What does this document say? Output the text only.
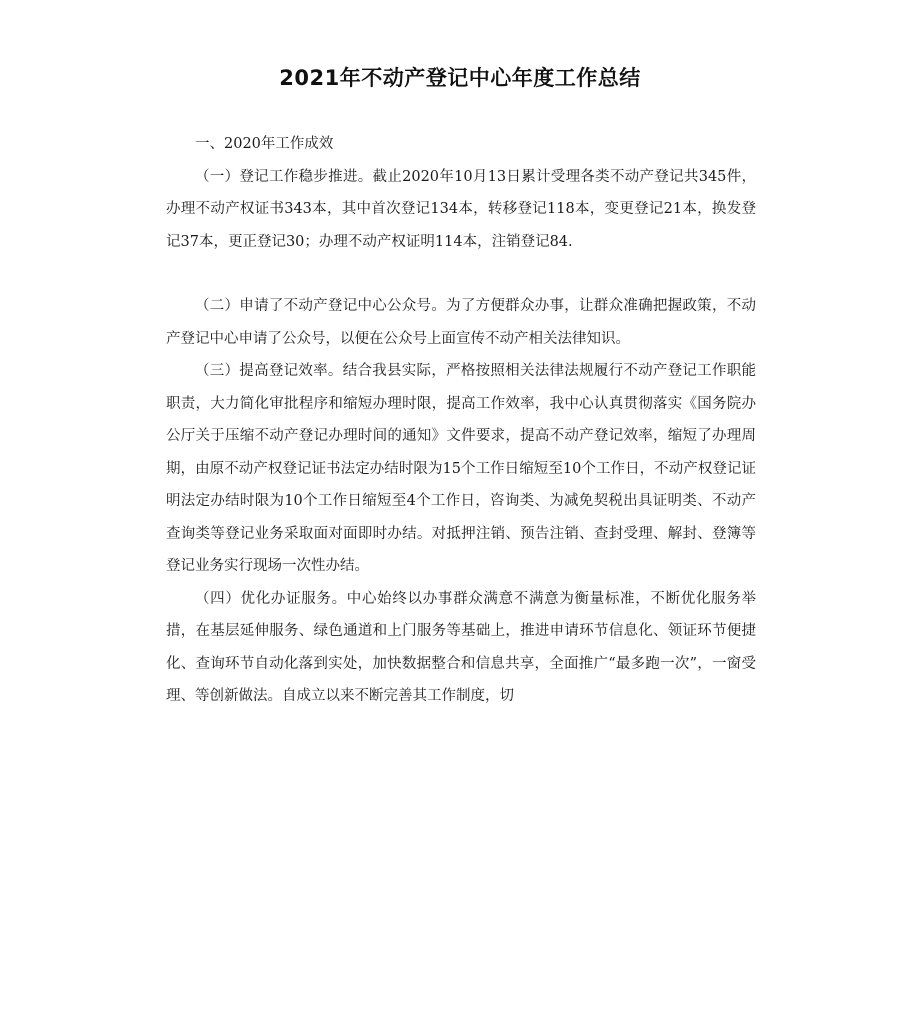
2021年不动产登记中心年度工作总结

一、2020年工作成效

（一）登记工作稳步推进。截止2020年10月13日累计受理各类不动产登记共345件，办理不动产权证书343本，其中首次登记134本，转移登记118本，变更登记21本，换发登记37本，更正登记30；办理不动产权证明114本，注销登记84.

（二）申请了不动产登记中心公众号。为了方便群众办事，让群众准确把握政策，不动产登记中心申请了公众号，以便在公众号上面宣传不动产相关法律知识。

（三）提高登记效率。结合我县实际，严格按照相关法律法规履行不动产登记工作职能职责，大力简化审批程序和缩短办理时限，提高工作效率，我中心认真贯彻落实《国务院办公厅关于压缩不动产登记办理时间的通知》文件要求，提高不动产登记效率，缩短了办理周期，由原不动产权登记证书法定办结时限为15个工作日缩短至10个工作日，不动产权登记证明法定办结时限为10个工作日缩短至4个工作日，咨询类、为减免契税出具证明类、不动产查询类等登记业务采取面对面即时办结。对抵押注销、预告注销、查封受理、解封、登簿等登记业务实行现场一次性办结。

（四）优化办证服务。中心始终以办事群众满意不满意为衡量标准，不断优化服务举措，在基层延伸服务、绿色通道和上门服务等基础上，推进申请环节信息化、领证环节便捷化、查询环节自动化落到实处，加快数据整合和信息共享，全面推广“最多跑一次”，一窗受理、等创新做法。自成立以来不断完善其工作制度，切
